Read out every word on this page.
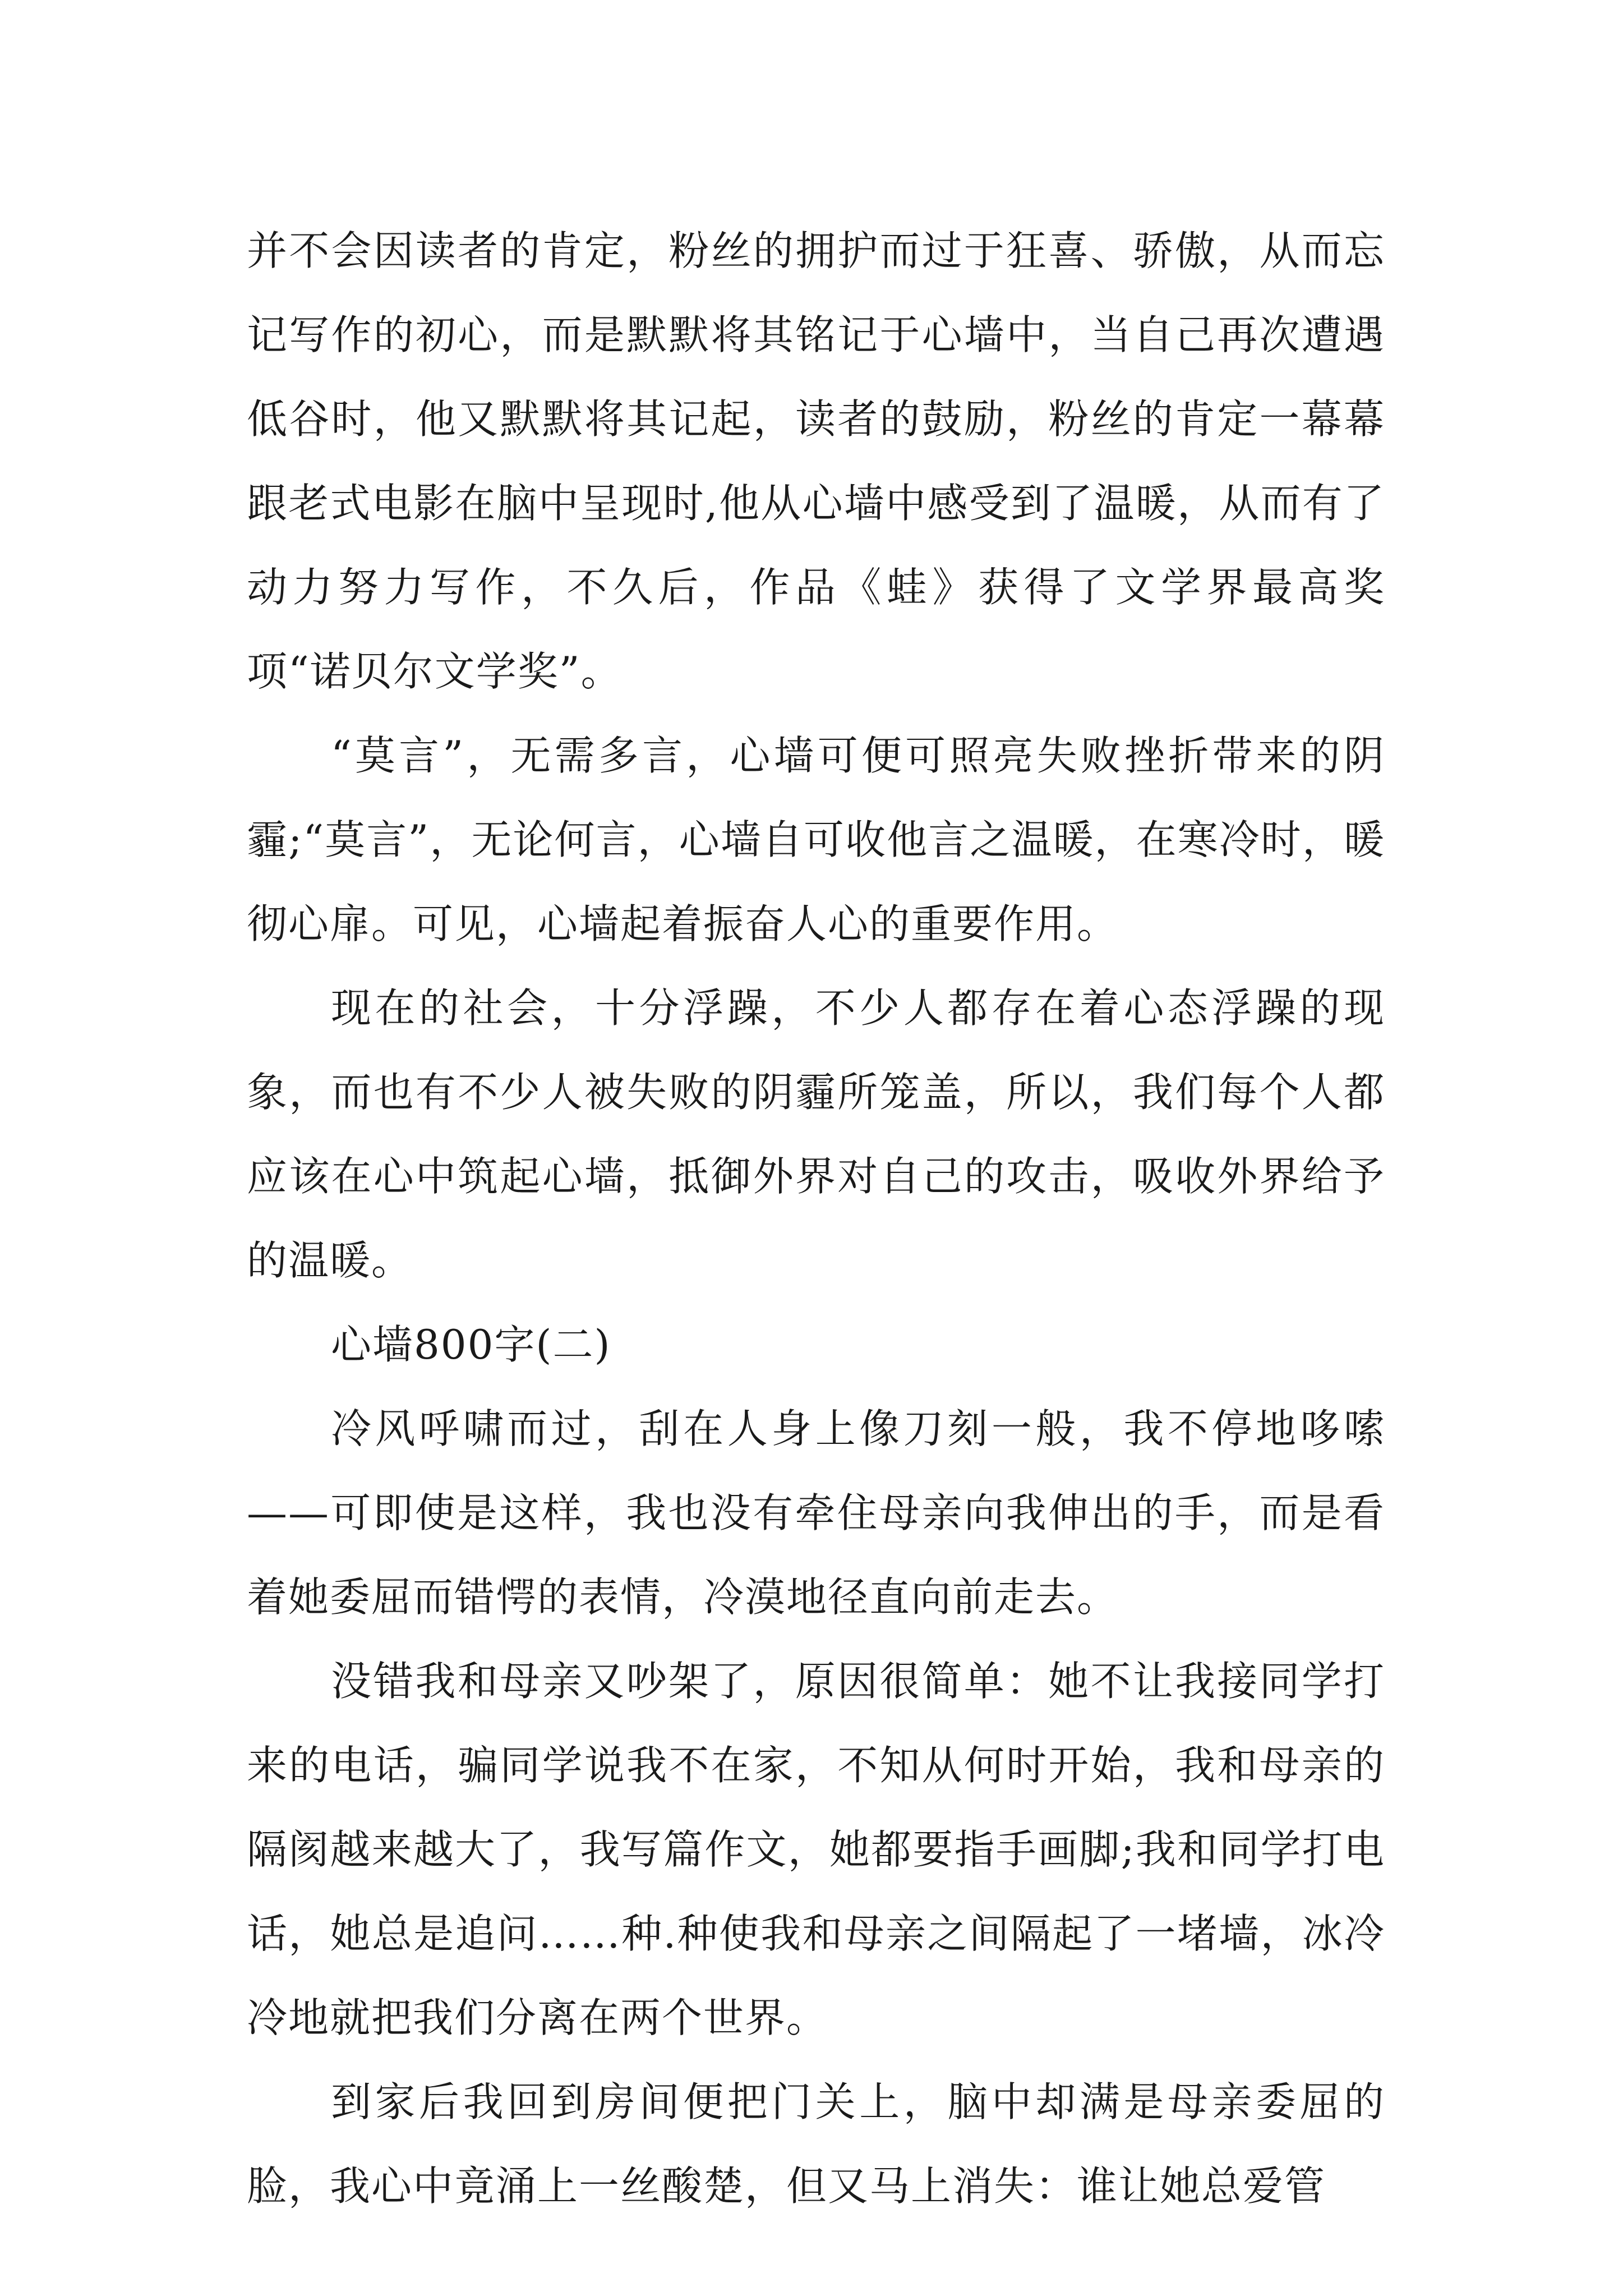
并不会因读者的肯定，粉丝的拥护而过于狂喜、骄傲，从而忘记写作的初心，而是默默将其铭记于心墙中，当自己再次遭遇低谷时，他又默默将其记起，读者的鼓励，粉丝的肯定一幕幕跟老式电影在脑中呈现时,他从心墙中感受到了温暖，从而有了动力努力写作，不久后，作品《蛙》获得了文学界最高奖项“诺贝尔文学奖”。

“莫言”，无需多言，心墙可便可照亮失败挫折带来的阴霾;“莫言”，无论何言，心墙自可收他言之温暖，在寒冷时，暖彻心扉。可见，心墙起着振奋人心的重要作用。

现在的社会，十分浮躁，不少人都存在着心态浮躁的现象，而也有不少人被失败的阴霾所笼盖，所以，我们每个人都应该在心中筑起心墙，抵御外界对自己的攻击，吸收外界给予的温暖。

心墙800字(二)

冷风呼啸而过，刮在人身上像刀刻一般，我不停地哆嗦——可即使是这样，我也没有牵住母亲向我伸出的手，而是看着她委屈而错愕的表情，冷漠地径直向前走去。

没错我和母亲又吵架了，原因很简单：她不让我接同学打来的电话，骗同学说我不在家，不知从何时开始，我和母亲的隔阂越来越大了，我写篇作文，她都要指手画脚;我和同学打电话，她总是追问……种.种使我和母亲之间隔起了一堵墙，冰冷冷地就把我们分离在两个世界。

到家后我回到房间便把门关上，脑中却满是母亲委屈的脸，我心中竟涌上一丝酸楚，但又马上消失：谁让她总爱管
